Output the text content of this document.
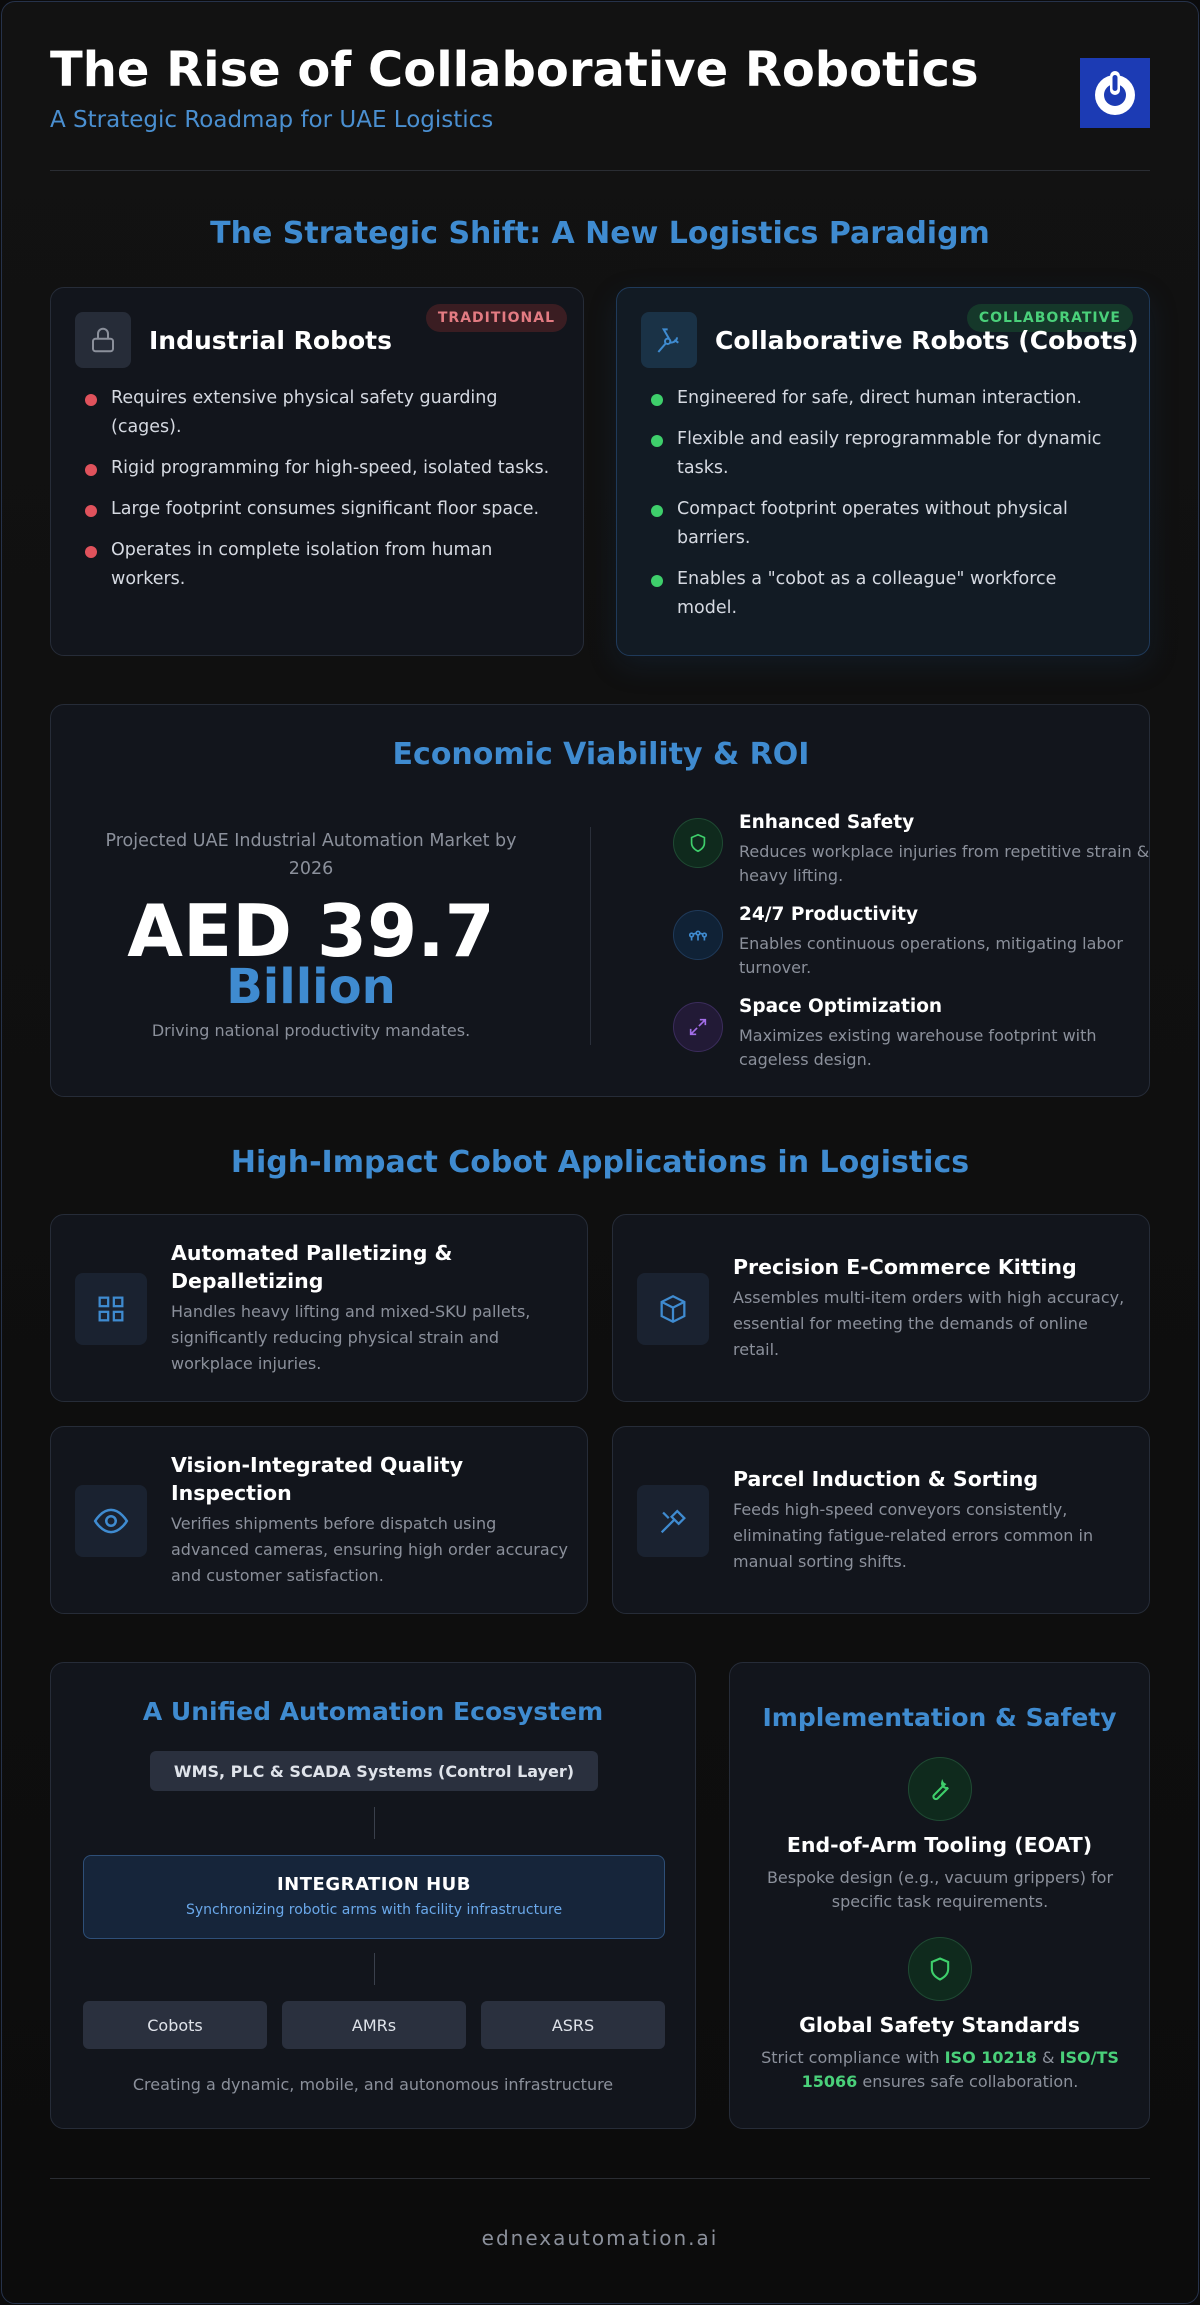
The Rise of Collaborative Robotics
A Strategic Roadmap for UAE Logistics
The Strategic Shift: A New Logistics Paradigm
TRADITIONAL
Industrial Robots
Requires extensive physical safety guarding (cages).
Rigid programming for high-speed, isolated tasks.
Large footprint consumes significant floor space.
Operates in complete isolation from human workers.
COLLABORATIVE
Collaborative Robots (Cobots)
Engineered for safe, direct human interaction.
Flexible and easily reprogrammable for dynamic tasks.
Compact footprint operates without physical barriers.
Enables a "cobot as a colleague" workforce model.
Economic Viability & ROI
Projected UAE Industrial Automation Market by 2026
AED 39.7
Billion
Driving national productivity mandates.
Enhanced Safety
Reduces workplace injuries from repetitive strain & heavy lifting.
24/7 Productivity
Enables continuous operations, mitigating labor turnover.
Space Optimization
Maximizes existing warehouse footprint with cageless design.
High-Impact Cobot Applications in Logistics
Automated Palletizing & Depalletizing
Handles heavy lifting and mixed-SKU pallets, significantly reducing physical strain and workplace injuries.
Precision E-Commerce Kitting
Assembles multi-item orders with high accuracy, essential for meeting the demands of online retail.
Vision-Integrated Quality Inspection
Verifies shipments before dispatch using advanced cameras, ensuring high order accuracy and customer satisfaction.
Parcel Induction & Sorting
Feeds high-speed conveyors consistently, eliminating fatigue-related errors common in manual sorting shifts.
A Unified Automation Ecosystem
WMS, PLC & SCADA Systems (Control Layer)
INTEGRATION HUB
Synchronizing robotic arms with facility infrastructure
Cobots	AMRs	ASRS
Creating a dynamic, mobile, and autonomous infrastructure
Implementation & Safety
End-of-Arm Tooling (EOAT)
Bespoke design (e.g., vacuum grippers) for specific task requirements.
Global Safety Standards
Strict compliance with ISO 10218 & ISO/TS 15066 ensures safe collaboration.
ednexautomation.ai
